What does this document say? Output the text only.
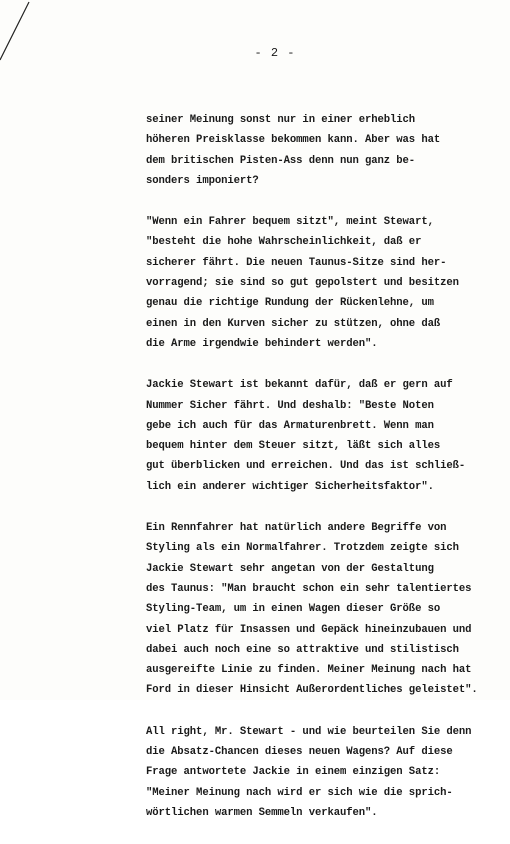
- 2 -
seiner Meinung sonst nur in einer erheblich
höheren Preisklasse bekommen kann. Aber was hat
dem britischen Pisten-Ass denn nun ganz be-
sonders imponiert?
"Wenn ein Fahrer bequem sitzt", meint Stewart,
"besteht die hohe Wahrscheinlichkeit, daß er
sicherer fährt. Die neuen Taunus-Sitze sind her-
vorragend; sie sind so gut gepolstert und besitzen
genau die richtige Rundung der Rückenlehne, um
einen in den Kurven sicher zu stützen, ohne daß
die Arme irgendwie behindert werden".
Jackie Stewart ist bekannt dafür, daß er gern auf
Nummer Sicher fährt. Und deshalb: "Beste Noten
gebe ich auch für das Armaturenbrett. Wenn man
bequem hinter dem Steuer sitzt, läßt sich alles
gut überblicken und erreichen. Und das ist schließ-
lich ein anderer wichtiger Sicherheitsfaktor".
Ein Rennfahrer hat natürlich andere Begriffe von
Styling als ein Normalfahrer. Trotzdem zeigte sich
Jackie Stewart sehr angetan von der Gestaltung
des Taunus: "Man braucht schon ein sehr talentiertes
Styling-Team, um in einen Wagen dieser Größe so
viel Platz für Insassen und Gepäck hineinzubauen und
dabei auch noch eine so attraktive und stilistisch
ausgereifte Linie zu finden. Meiner Meinung nach hat
Ford in dieser Hinsicht Außerordentliches geleistet".
All right, Mr. Stewart - und wie beurteilen Sie denn
die Absatz-Chancen dieses neuen Wagens? Auf diese
Frage antwortete Jackie in einem einzigen Satz:
"Meiner Meinung nach wird er sich wie die sprich-
wörtlichen warmen Semmeln verkaufen".
